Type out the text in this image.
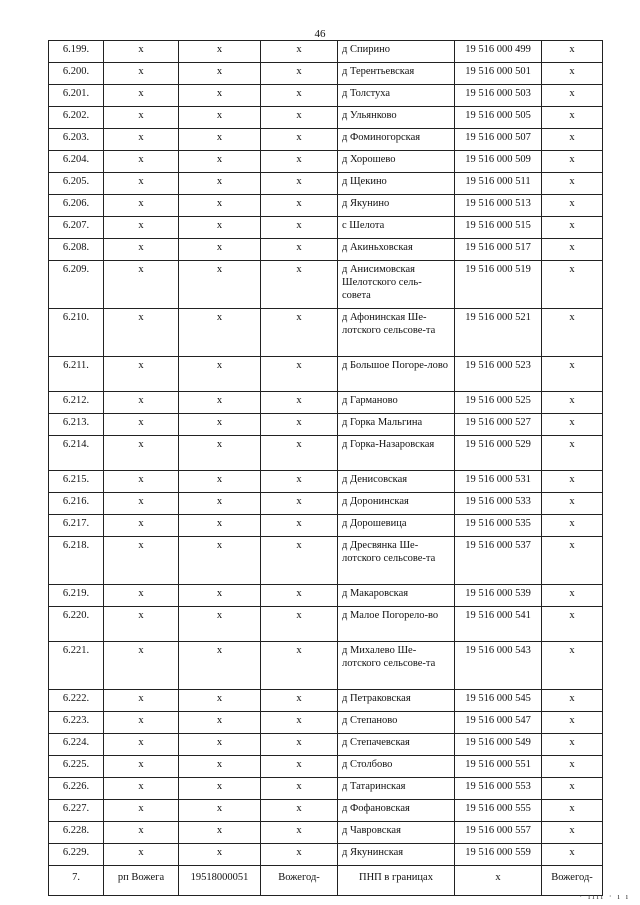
46
6.199.	х	х	х	д Спирино	19 516 000 499	х
6.200.	х	х	х	д Терентьевская	19 516 000 501	х
6.201.	х	х	х	д Толстуха	19 516 000 503	х
6.202.	х	х	х	д Ульянково	19 516 000 505	х
6.203.	х	х	х	д Фоминогорская	19 516 000 507	х
6.204.	х	х	х	д Хорошево	19 516 000 509	х
6.205.	х	х	х	д Щекино	19 516 000 511	х
6.206.	х	х	х	д Якунино	19 516 000 513	х
6.207.	х	х	х	с Шелота	19 516 000 515	х
6.208.	х	х	х	д Акиньховская	19 516 000 517	х
6.209.	х	х	х	д Анисимовская Шелотского сель-совета	19 516 000 519	х
6.210.	х	х	х	д Афонинская Ше-лотского сельсове-та	19 516 000 521	х
6.211.	х	х	х	д Большое Погоре-лово	19 516 000 523	х
6.212.	х	х	х	д Гарманово	19 516 000 525	х
6.213.	х	х	х	д Горка Мальгина	19 516 000 527	х
6.214.	х	х	х	д Горка-Назаровская	19 516 000 529	х
6.215.	х	х	х	д Денисовская	19 516 000 531	х
6.216.	х	х	х	д Доронинская	19 516 000 533	х
6.217.	х	х	х	д Дорошевица	19 516 000 535	х
6.218.	х	х	х	д Дресвянка Ше-лотского сельсове-та	19 516 000 537	х
6.219.	х	х	х	д Макаровская	19 516 000 539	х
6.220.	х	х	х	д Малое Погорело-во	19 516 000 541	х
6.221.	х	х	х	д Михалево Ше-лотского сельсове-та	19 516 000 543	х
6.222.	х	х	х	д Петраковская	19 516 000 545	х
6.223.	х	х	х	д Степаново	19 516 000 547	х
6.224.	х	х	х	д Степачевская	19 516 000 549	х
6.225.	х	х	х	д Столбово	19 516 000 551	х
6.226.	х	х	х	д Татаринская	19 516 000 553	х
6.227.	х	х	х	д Фофановская	19 516 000 555	х
6.228.	х	х	х	д Чавровская	19 516 000 557	х
6.229.	х	х	х	д Якунинская	19 516 000 559	х
7.	рп Вожега	19518000051	Вожегод-	ПНП в границах	х	Вожегод-
· ıııı · ı ı
